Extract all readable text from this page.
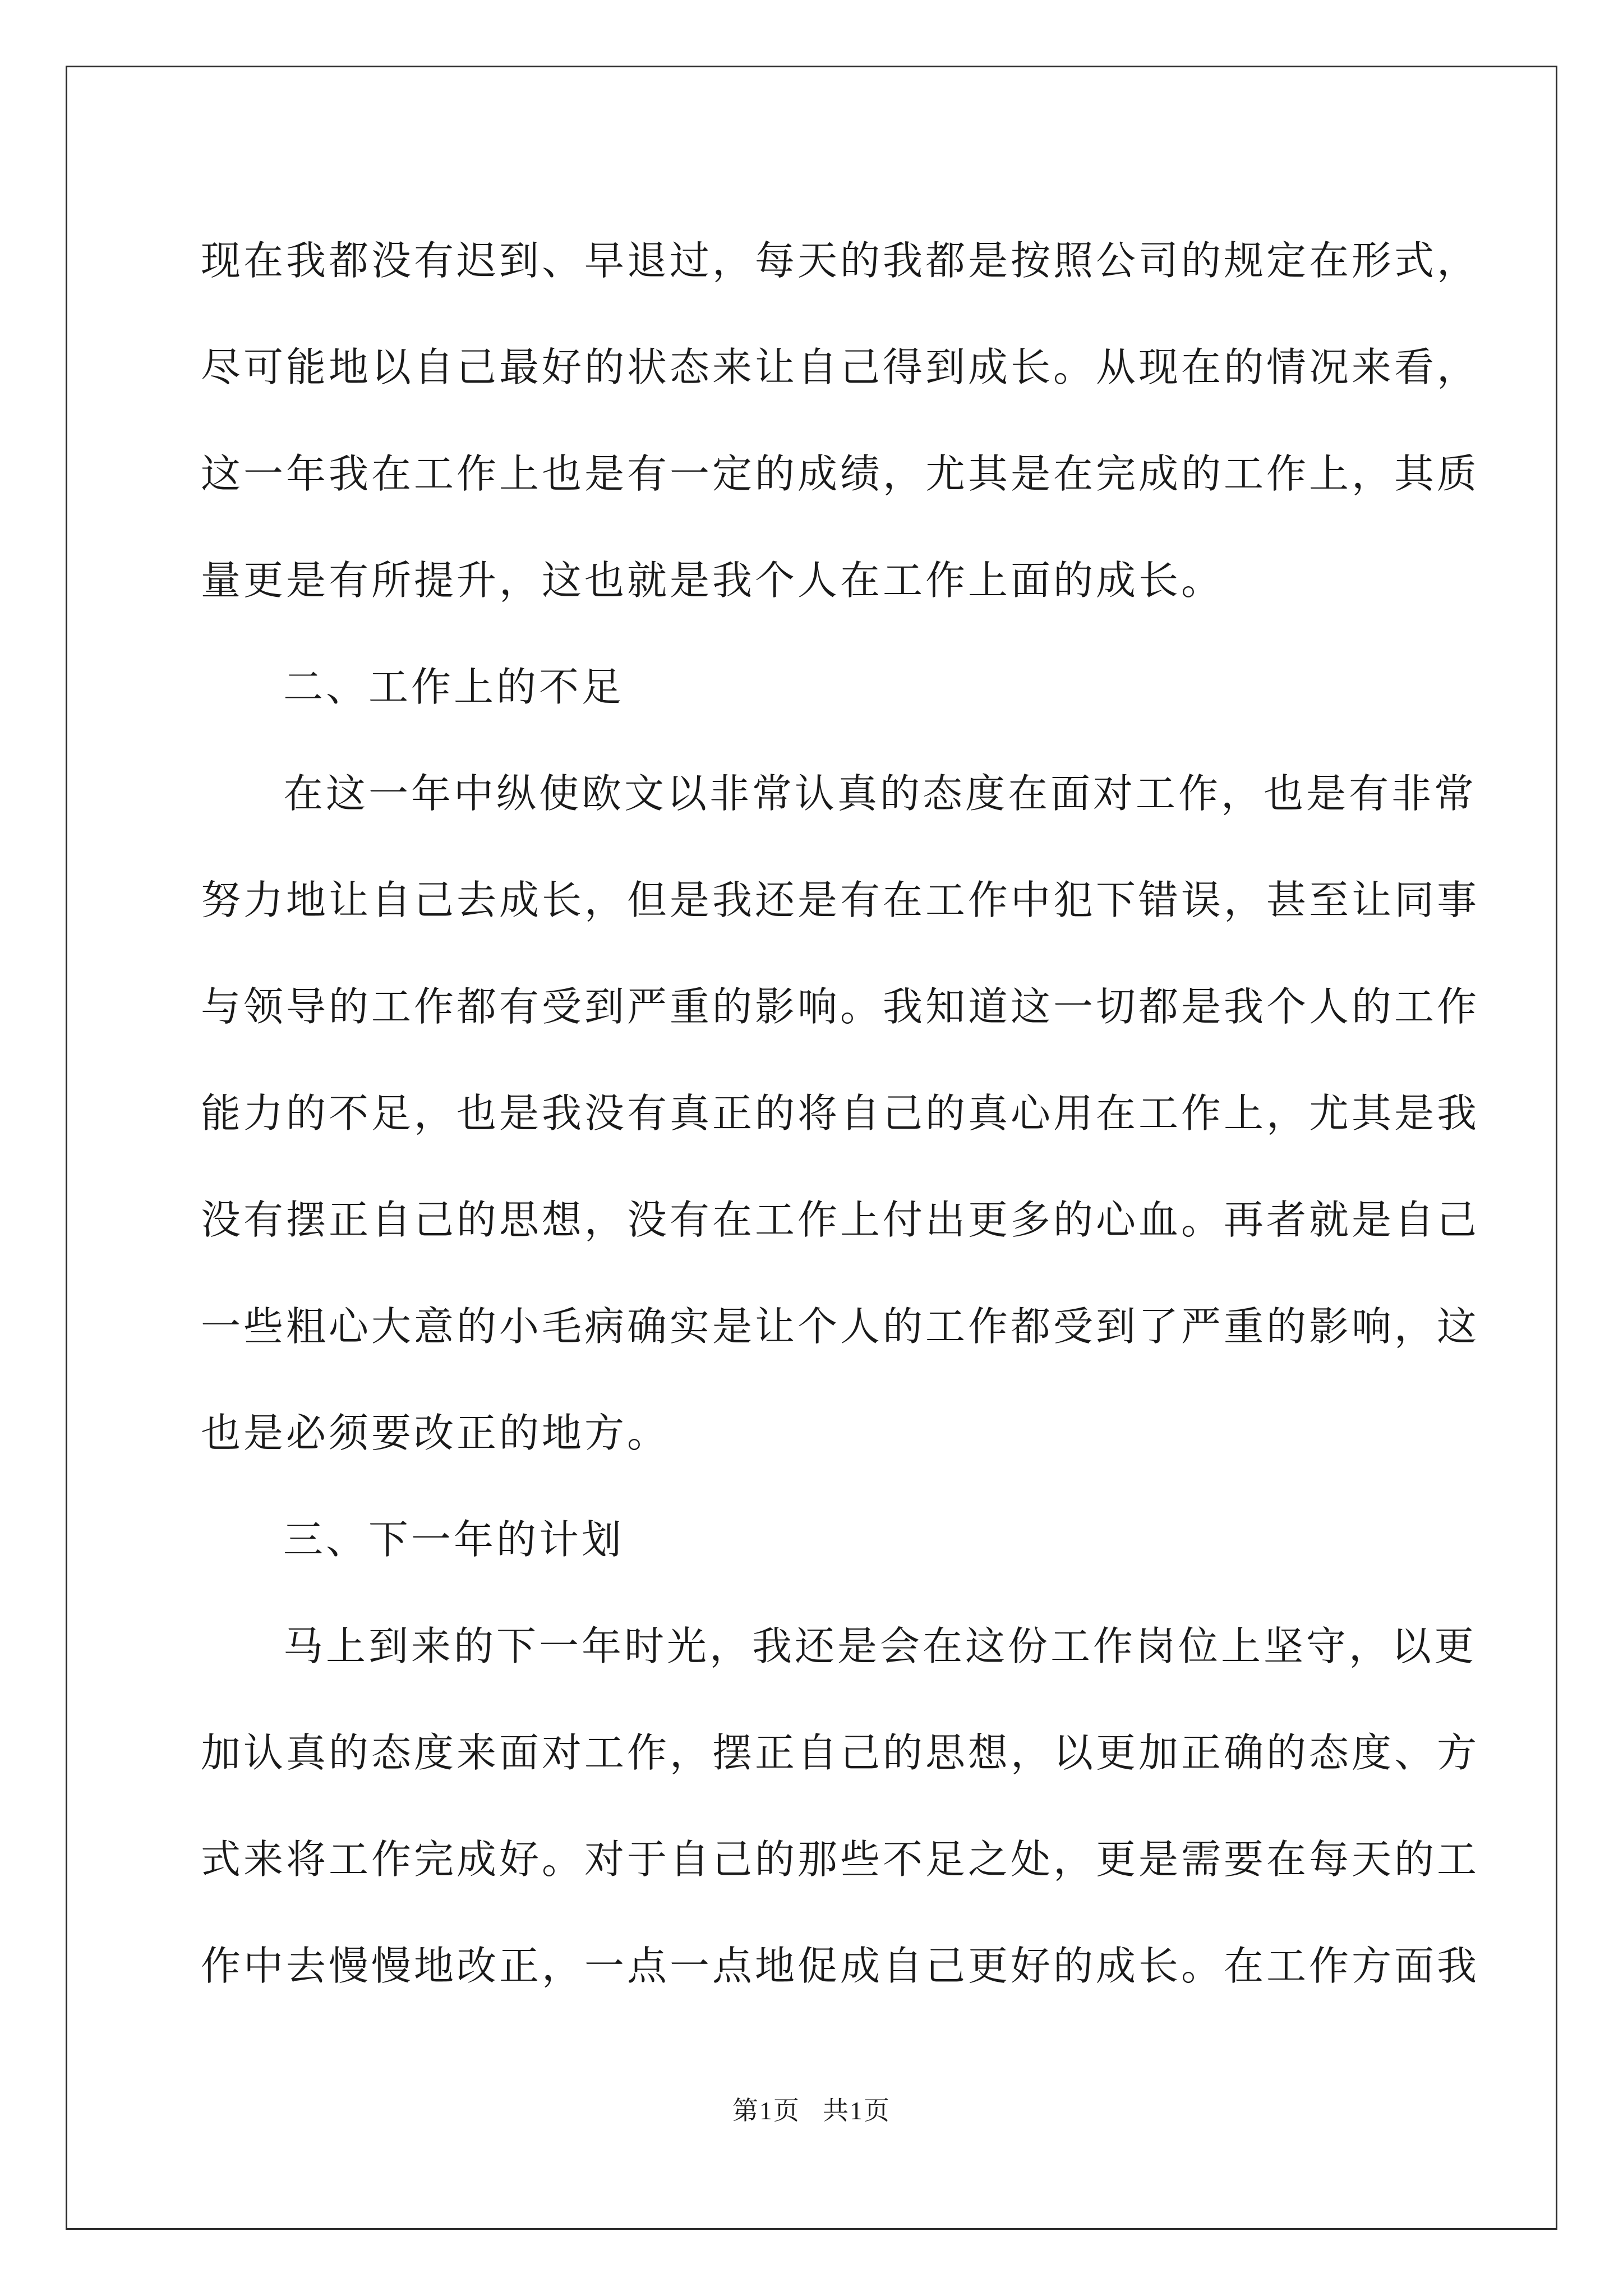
现在我都没有迟到、早退过，每天的我都是按照公司的规定在形式，
尽可能地以自己最好的状态来让自己得到成长。从现在的情况来看，
这一年我在工作上也是有一定的成绩，尤其是在完成的工作上，其质
量更是有所提升，这也就是我个人在工作上面的成长。
二、工作上的不足
在这一年中纵使欧文以非常认真的态度在面对工作，也是有非常
努力地让自己去成长，但是我还是有在工作中犯下错误，甚至让同事
与领导的工作都有受到严重的影响。我知道这一切都是我个人的工作
能力的不足，也是我没有真正的将自己的真心用在工作上，尤其是我
没有摆正自己的思想，没有在工作上付出更多的心血。再者就是自己
一些粗心大意的小毛病确实是让个人的工作都受到了严重的影响，这
也是必须要改正的地方。
三、下一年的计划
马上到来的下一年时光，我还是会在这份工作岗位上坚守，以更
加认真的态度来面对工作，摆正自己的思想，以更加正确的态度、方
式来将工作完成好。对于自己的那些不足之处，更是需要在每天的工
作中去慢慢地改正，一点一点地促成自己更好的成长。在工作方面我
第1页 共1页
